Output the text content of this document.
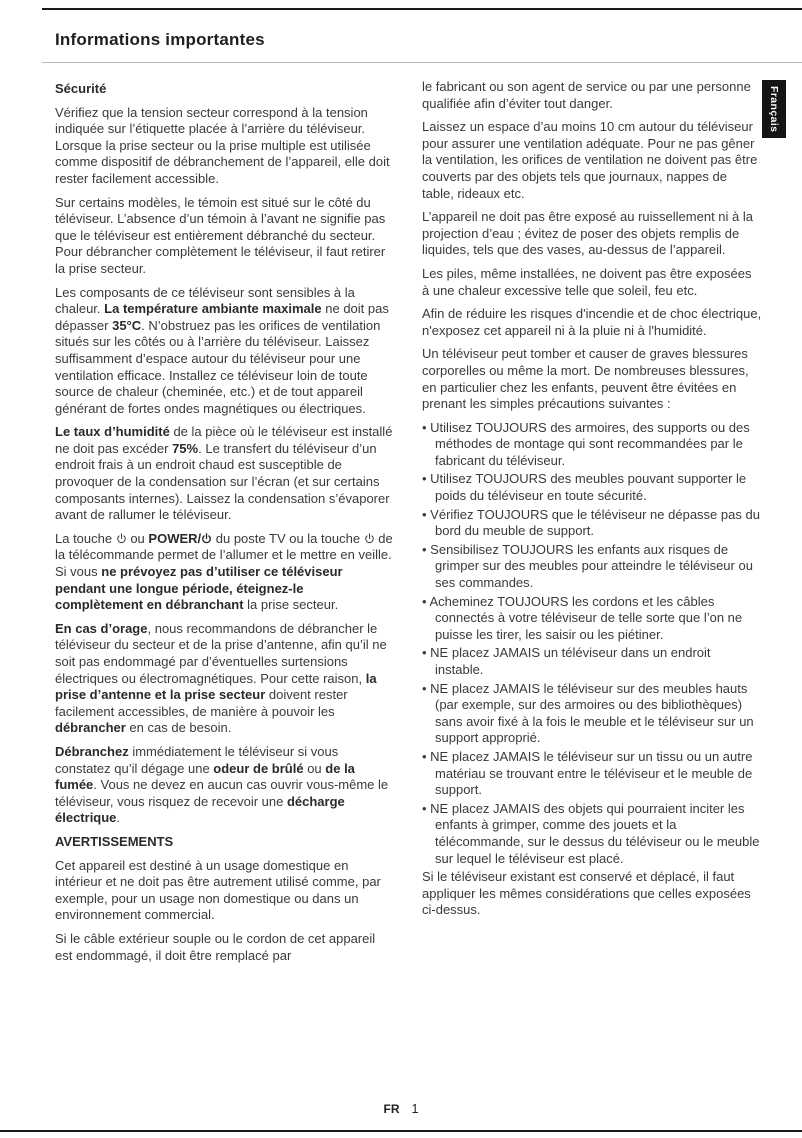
Informations importantes
Sécurité
Vérifiez que la tension secteur correspond à la tension indiquée sur l’étiquette placée à l’arrière du téléviseur. Lorsque la prise secteur ou la prise multiple est utilisée comme dispositif de débranchement de l’appareil, elle doit rester facilement accessible.
Sur certains modèles, le témoin est situé sur le côté du téléviseur. L’absence d’un témoin à l’avant ne signifie pas que le téléviseur est entièrement débranché du secteur. Pour débrancher complètement le téléviseur, il faut retirer la prise secteur.
Les composants de ce téléviseur sont sensibles à la chaleur. La température ambiante maximale ne doit pas dépasser 35°C. N’obstruez pas les orifices de ventilation situés sur les côtés ou à l’arrière du téléviseur. Laissez suffisamment d’espace autour du téléviseur pour une ventilation efficace. Installez ce téléviseur loin de toute source de chaleur (cheminée, etc.) et de tout appareil générant de fortes ondes magnétiques ou électriques.
Le taux d’humidité de la pièce où le téléviseur est installé ne doit pas excéder 75%. Le transfert du téléviseur d’un endroit frais à un endroit chaud est susceptible de provoquer de la condensation sur l’écran (et sur certains composants internes). Laissez la condensation s’évaporer avant de rallumer le téléviseur.
La touche  ou POWER/ du poste TV ou la touche  de la télécommande permet de l’allumer et le mettre en veille. Si vous ne prévoyez pas d’utiliser ce téléviseur pendant une longue période, éteignez-le complètement en débranchant la prise secteur.
En cas d’orage, nous recommandons de débrancher le téléviseur du secteur et de la prise d’antenne, afin qu’il ne soit pas endommagé par d’éventuelles surtensions électriques ou électromagnétiques. Pour cette raison, la prise d’antenne et la prise secteur doivent rester facilement accessibles, de manière à pouvoir les débrancher en cas de besoin.
Débranchez immédiatement le téléviseur si vous constatez qu’il dégage une odeur de brûlé ou de la fumée. Vous ne devez en aucun cas ouvrir vous-même le téléviseur, vous risquez de recevoir une décharge électrique.
AVERTISSEMENTS
Cet appareil est destiné à un usage domestique en intérieur et ne doit pas être autrement utilisé comme, par exemple, pour un usage non domestique ou dans un environnement commercial.
Si le câble extérieur souple ou le cordon de cet appareil est endommagé, il doit être remplacé par
le fabricant ou son agent de service ou par une personne qualifiée afin d’éviter tout danger.
Laissez un espace d’au moins 10 cm autour du téléviseur pour assurer une ventilation adéquate. Pour ne pas gêner la ventilation, les orifices de ventilation ne doivent pas être couverts par des objets tels que journaux, nappes de table, rideaux etc.
L’appareil ne doit pas être exposé au ruissellement ni à la projection d’eau ; évitez de poser des objets remplis de liquides, tels que des vases, au-dessus de l’appareil.
Les piles, même installées, ne doivent pas être exposées à une chaleur excessive telle que soleil, feu etc.
Afin de réduire les risques d'incendie et de choc électrique, n'exposez cet appareil ni à la pluie ni à l'humidité.
Un téléviseur peut tomber et causer de graves blessures corporelles ou même la mort. De nombreuses blessures, en particulier chez les enfants, peuvent être évitées en prenant les simples précautions suivantes :
• Utilisez TOUJOURS des armoires, des supports ou des méthodes de montage qui sont recommandées par le fabricant du téléviseur.
• Utilisez TOUJOURS des meubles pouvant supporter le poids du téléviseur en toute sécurité.
• Vérifiez TOUJOURS que le téléviseur ne dépasse pas du bord du meuble de support.
• Sensibilisez TOUJOURS les enfants aux risques de grimper sur des meubles pour atteindre le téléviseur ou ses commandes.
• Acheminez TOUJOURS les cordons et les câbles connectés à votre téléviseur de telle sorte que l’on ne puisse les tirer, les saisir ou les piétiner.
• NE placez JAMAIS un téléviseur dans un endroit instable.
• NE placez JAMAIS le téléviseur sur des meubles hauts (par exemple, sur des armoires ou des bibliothèques) sans avoir fixé à la fois le meuble et le téléviseur sur un support approprié.
• NE placez JAMAIS le téléviseur sur un tissu ou un autre matériau se trouvant entre le téléviseur et le meuble de support.
• NE placez JAMAIS des objets qui pourraient inciter les enfants à grimper, comme des jouets et la télécommande, sur le dessus du téléviseur ou le meuble sur lequel le téléviseur est placé.
Si le téléviseur existant est conservé et déplacé, il faut appliquer les mêmes considérations que celles exposées ci-dessus.
Français
FR 1
